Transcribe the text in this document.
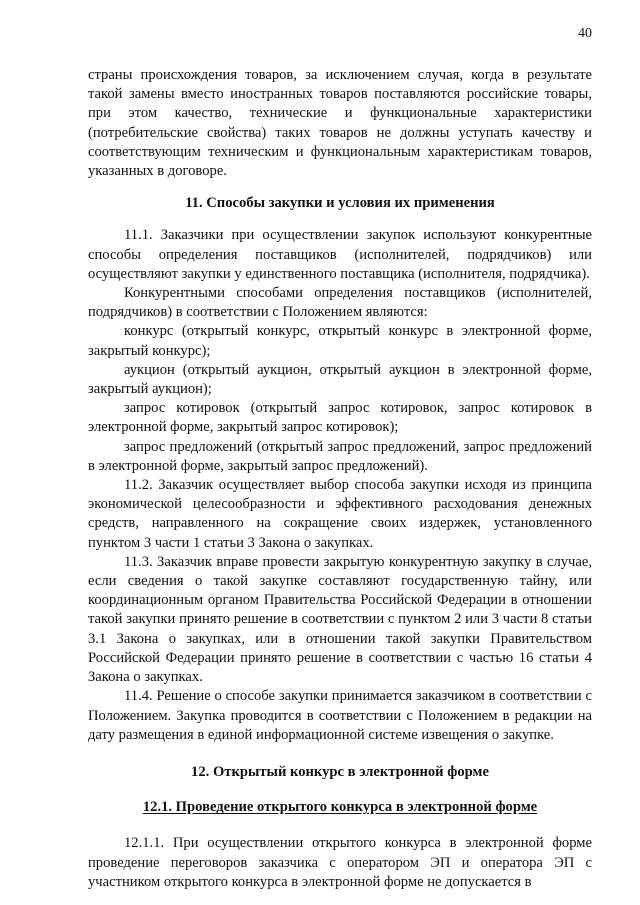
40

страны происхождения товаров, за исключением случая, когда в результате такой замены вместо иностранных товаров поставляются российские товары, при этом качество, технические и функциональные характеристики (потребительские свойства) таких товаров не должны уступать качеству и соответствующим техническим и функциональным характеристикам товаров, указанных в договоре.

11. Способы закупки и условия их применения

11.1. Заказчики при осуществлении закупок используют конкурентные способы определения поставщиков (исполнителей, подрядчиков) или осуществляют закупки у единственного поставщика (исполнителя, подрядчика).

Конкурентными способами определения поставщиков (исполнителей, подрядчиков) в соответствии с Положением являются:

конкурс (открытый конкурс, открытый конкурс в электронной форме, закрытый конкурс);

аукцион (открытый аукцион, открытый аукцион в электронной форме, закрытый аукцион);

запрос котировок (открытый запрос котировок, запрос котировок в электронной форме, закрытый запрос котировок);

запрос предложений (открытый запрос предложений, запрос предложений в электронной форме, закрытый запрос предложений).

11.2. Заказчик осуществляет выбор способа закупки исходя из принципа экономической целесообразности и эффективного расходования денежных средств, направленного на сокращение своих издержек, установленного пунктом 3 части 1 статьи 3 Закона о закупках.

11.3. Заказчик вправе провести закрытую конкурентную закупку в случае, если сведения о такой закупке составляют государственную тайну, или координационным органом Правительства Российской Федерации в отношении такой закупки принято решение в соответствии с пунктом 2 или 3 части 8 статьи 3.1 Закона о закупках, или в отношении такой закупки Правительством Российской Федерации принято решение в соответствии с частью 16 статьи 4 Закона о закупках.

11.4. Решение о способе закупки принимается заказчиком в соответствии с Положением. Закупка проводится в соответствии с Положением в редакции на дату размещения в единой информационной системе извещения о закупке.

12. Открытый конкурс в электронной форме

12.1. Проведение открытого конкурса в электронной форме

12.1.1. При осуществлении открытого конкурса в электронной форме проведение переговоров заказчика с оператором ЭП и оператора ЭП с участником открытого конкурса в электронной форме не допускается в
